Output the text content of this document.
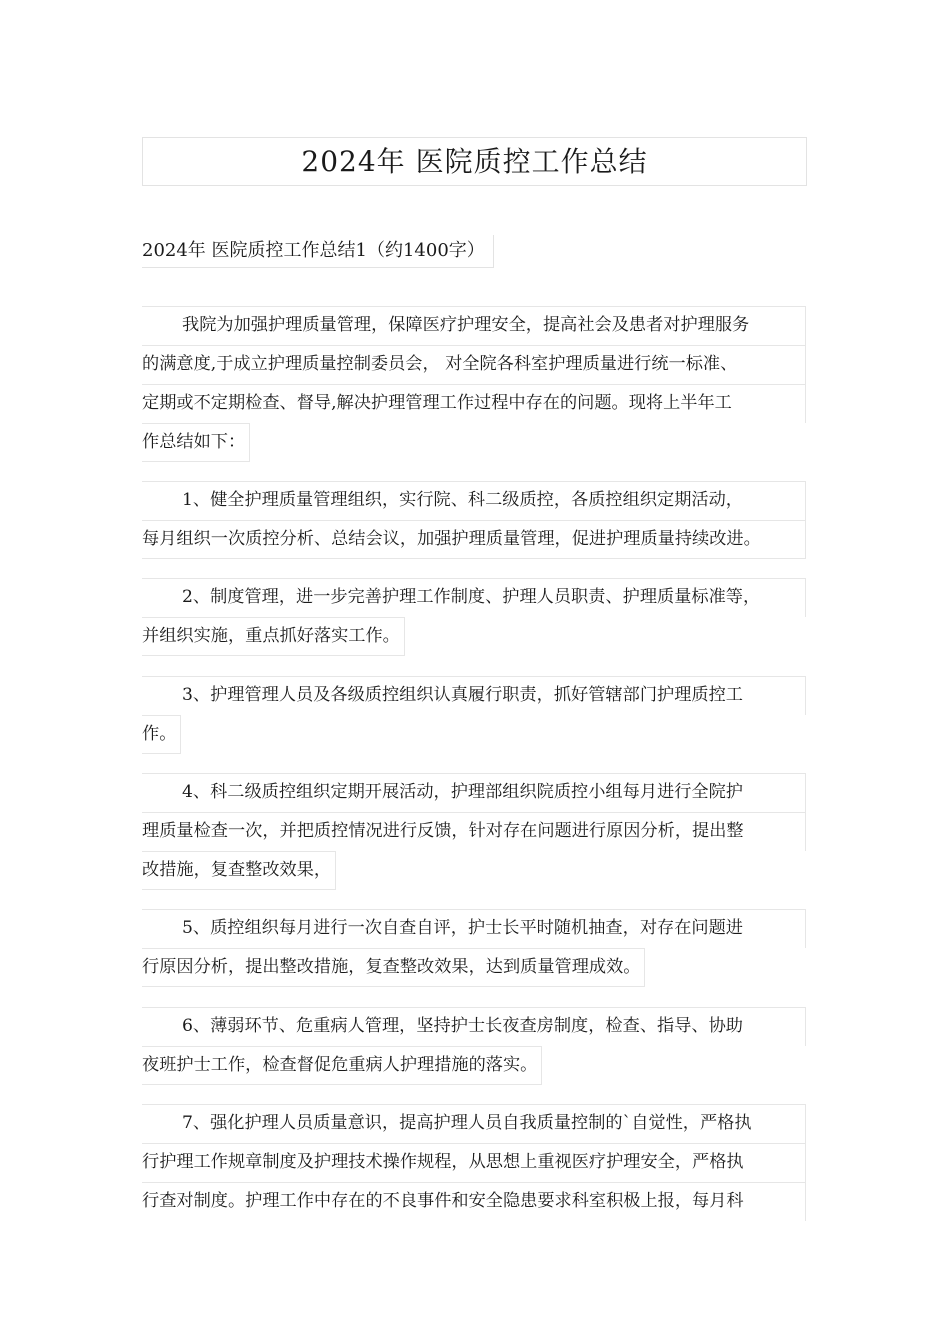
2024年 医院质控工作总结
2024年 医院质控工作总结1（约1400字）
我院为加强护理质量管理，保障医疗护理安全，提高社会及患者对护理服务
的满意度,于成立护理质量控制委员会， 对全院各科室护理质量进行统一标准、
定期或不定期检查、督导,解决护理管理工作过程中存在的问题。现将上半年工
作总结如下：
1、健全护理质量管理组织，实行院、科二级质控，各质控组织定期活动，
每月组织一次质控分析、总结会议，加强护理质量管理，促进护理质量持续改进。
2、制度管理，进一步完善护理工作制度、护理人员职责、护理质量标准等，
并组织实施，重点抓好落实工作。
3、护理管理人员及各级质控组织认真履行职责，抓好管辖部门护理质控工
作。
4、科二级质控组织定期开展活动，护理部组织院质控小组每月进行全院护
理质量检查一次，并把质控情况进行反馈，针对存在问题进行原因分析，提出整
改措施，复查整改效果，
5、质控组织每月进行一次自查自评，护士长平时随机抽查，对存在问题进
行原因分析，提出整改措施，复查整改效果，达到质量管理成效。
6、薄弱环节、危重病人管理，坚持护士长夜查房制度，检查、指导、协助
夜班护士工作，检查督促危重病人护理措施的落实。
7、强化护理人员质量意识，提高护理人员自我质量控制的`自觉性，严格执
行护理工作规章制度及护理技术操作规程，从思想上重视医疗护理安全，严格执
行查对制度。护理工作中存在的不良事件和安全隐患要求科室积极上报，每月科
